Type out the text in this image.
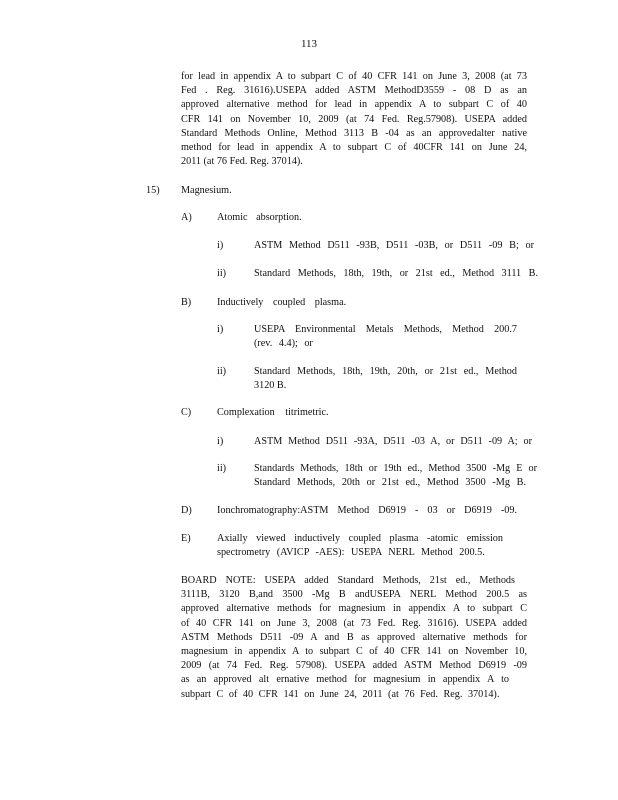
113
for lead in appendix A to subpart C of 40 CFR 141 on June 3, 2008 (at 73
Fed . Reg. 31616).USEPA added ASTM MethodD3559 - 08 D as an
approved alternative method for lead in appendix A to subpart C of 40
CFR 141 on November 10, 2009 (at 74 Fed. Reg.57908). USEPA added
Standard Methods Online, Method 3113 B -04 as an approvedalter native
method for lead in appendix A to subpart C of 40CFR 141 on June 24,
2011 (at 76 Fed. Reg. 37014).
15) Magnesium.
A) Atomic absorption.
i)	ASTM Method D511 -93B, D511 -03B, or D511 -09 B; or
ii)	Standard Methods, 18th, 19th, or 21st ed., Method 3111 B.
B)	Inductively coupled plasma.
i)	USEPA Environmental Metals Methods, Method 200.7
(rev. 4.4); or
ii)	Standard Methods, 18th, 19th, 20th, or 21st ed., Method
3120 B.
C)	Complexation titrimetric.
i)	ASTM Method D511 -93A, D511 -03 A, or D511 -09 A; or
ii)	Standards Methods, 18th or 19th ed., Method 3500 -Mg E or
Standard Methods, 20th or 21st ed., Method 3500 -Mg B.
D) Ionchromatography:ASTM Method D6919 - 03 or D6919 -09.
E)	Axially viewed inductively coupled plasma -atomic emission
spectrometry (AVICP -AES): USEPA NERL Method 200.5.
BOARD NOTE: USEPA added Standard Methods, 21st ed., Methods
3111B, 3120 B,and 3500 -Mg B andUSEPA NERL Method 200.5 as
approved alternative methods for magnesium in appendix A to subpart C
of 40 CFR 141 on June 3, 2008 (at 73 Fed. Reg. 31616). USEPA added
ASTM Methods D511 -09 A and B as approved alternative methods for
magnesium in appendix A to subpart C of 40 CFR 141 on November 10,
2009 (at 74 Fed. Reg. 57908). USEPA added ASTM Method D6919 -09
as an approved alt ernative method for magnesium in appendix A to
subpart C of 40 CFR 141 on June 24, 2011 (at 76 Fed. Reg. 37014).
